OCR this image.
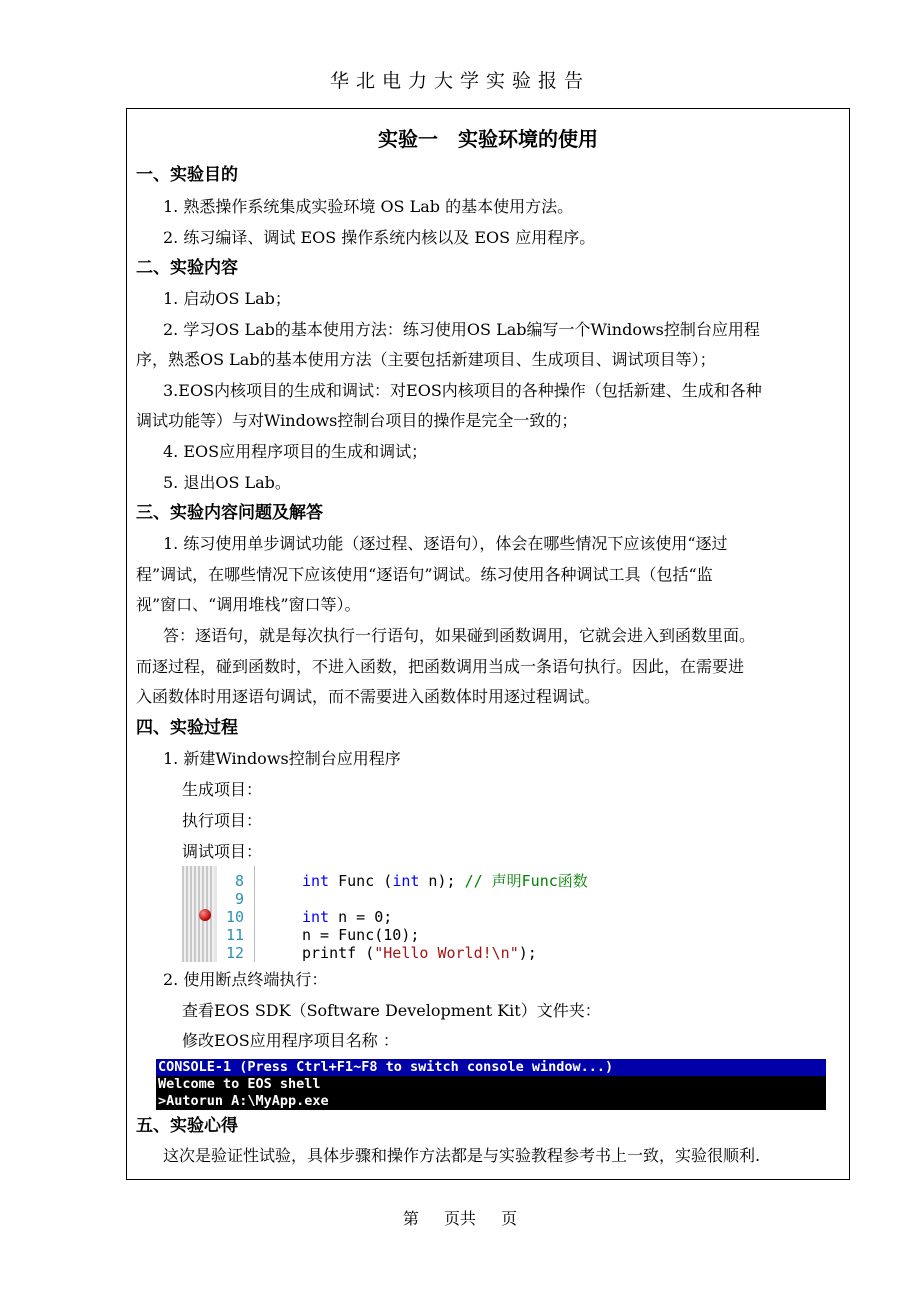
华北电力大学实验报告
实验一　实验环境的使用
一、实验目的
1. 熟悉操作系统集成实验环境 OS Lab 的基本使用方法。
2. 练习编译、调试 EOS 操作系统内核以及 EOS 应用程序。
二、实验内容
1. 启动OS Lab；
2. 学习OS Lab的基本使用方法：练习使用OS Lab编写一个Windows控制台应用程
序，熟悉OS Lab的基本使用方法（主要包括新建项目、生成项目、调试项目等）；
3.EOS内核项目的生成和调试：对EOS内核项目的各种操作（包括新建、生成和各种
调试功能等）与对Windows控制台项目的操作是完全一致的；
4. EOS应用程序项目的生成和调试；
5. 退出OS Lab。
三、实验内容问题及解答
1. 练习使用单步调试功能（逐过程、逐语句），体会在哪些情况下应该使用“逐过
程”调试，在哪些情况下应该使用“逐语句”调试。练习使用各种调试工具（包括“监
视”窗口、“调用堆栈”窗口等）。
答：逐语句，就是每次执行一行语句，如果碰到函数调用，它就会进入到函数里面。
而逐过程，碰到函数时，不进入函数，把函数调用当成一条语句执行。因此，在需要进
入函数体时用逐语句调试，而不需要进入函数体时用逐过程调试。
四、实验过程
1. 新建Windows控制台应用程序
生成项目：
执行项目：
调试项目：
8	int Func (int n); // 声明Func函数
9
10	int n = 0;
11	n = Func(10);
12	printf ("Hello World!\n");
2. 使用断点终端执行：
查看EOS SDK（Software Development Kit）文件夹：
修改EOS应用程序项目名称 ：
CONSOLE-1 (Press Ctrl+F1~F8 to switch console window...)
Welcome to EOS shell
>Autorun A:\MyApp.exe
五、实验心得
这次是验证性试验，具体步骤和操作方法都是与实验教程参考书上一致，实验很顺利.
第 页共 页
